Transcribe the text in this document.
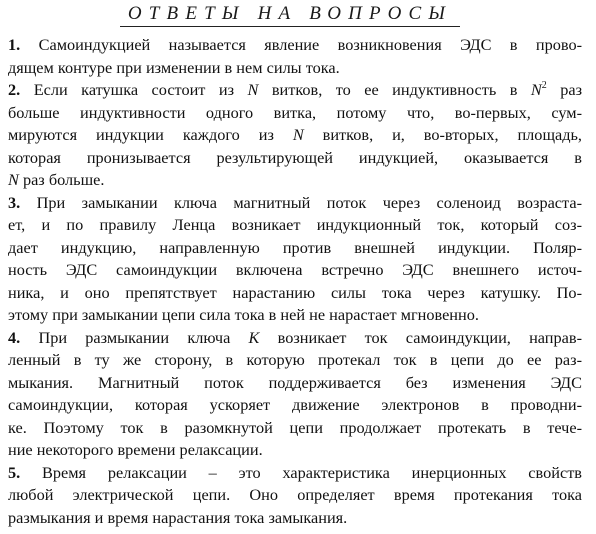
ОТВЕТЫ НА ВОПРОСЫ
1. Самоиндукцией называется явление возникновения ЭДС в прово-
дящем контуре при изменении в нем силы тока.
2. Если катушка состоит из N витков, то ее индуктивность в $N^2$ раз
больше индуктивности одного витка, потому что, во-первых, сум-
мируются индукции каждого из N витков, и, во-вторых, площадь,
которая пронизывается результирующей индукцией, оказывается в
N раз больше.
3. При замыкании ключа магнитный поток через соленоид возраста-
ет, и по правилу Ленца возникает индукционный ток, который соз-
дает индукцию, направленную против внешней индукции. Поляр-
ность ЭДС самоиндукции включена встречно ЭДС внешнего источ-
ника, и оно препятствует нарастанию силы тока через катушку. По-
этому при замыкании цепи сила тока в ней не нарастает мгновенно.
4. При размыкании ключа K возникает ток самоиндукции, направ-
ленный в ту же сторону, в которую протекал ток в цепи до ее раз-
мыкания. Магнитный поток поддерживается без изменения ЭДС
самоиндукции, которая ускоряет движение электронов в проводни-
ке. Поэтому ток в разомкнутой цепи продолжает протекать в тече-
ние некоторого времени релаксации.
5. Время релаксации – это характеристика инерционных свойств
любой электрической цепи. Оно определяет время протекания тока
размыкания и время нарастания тока замыкания.
